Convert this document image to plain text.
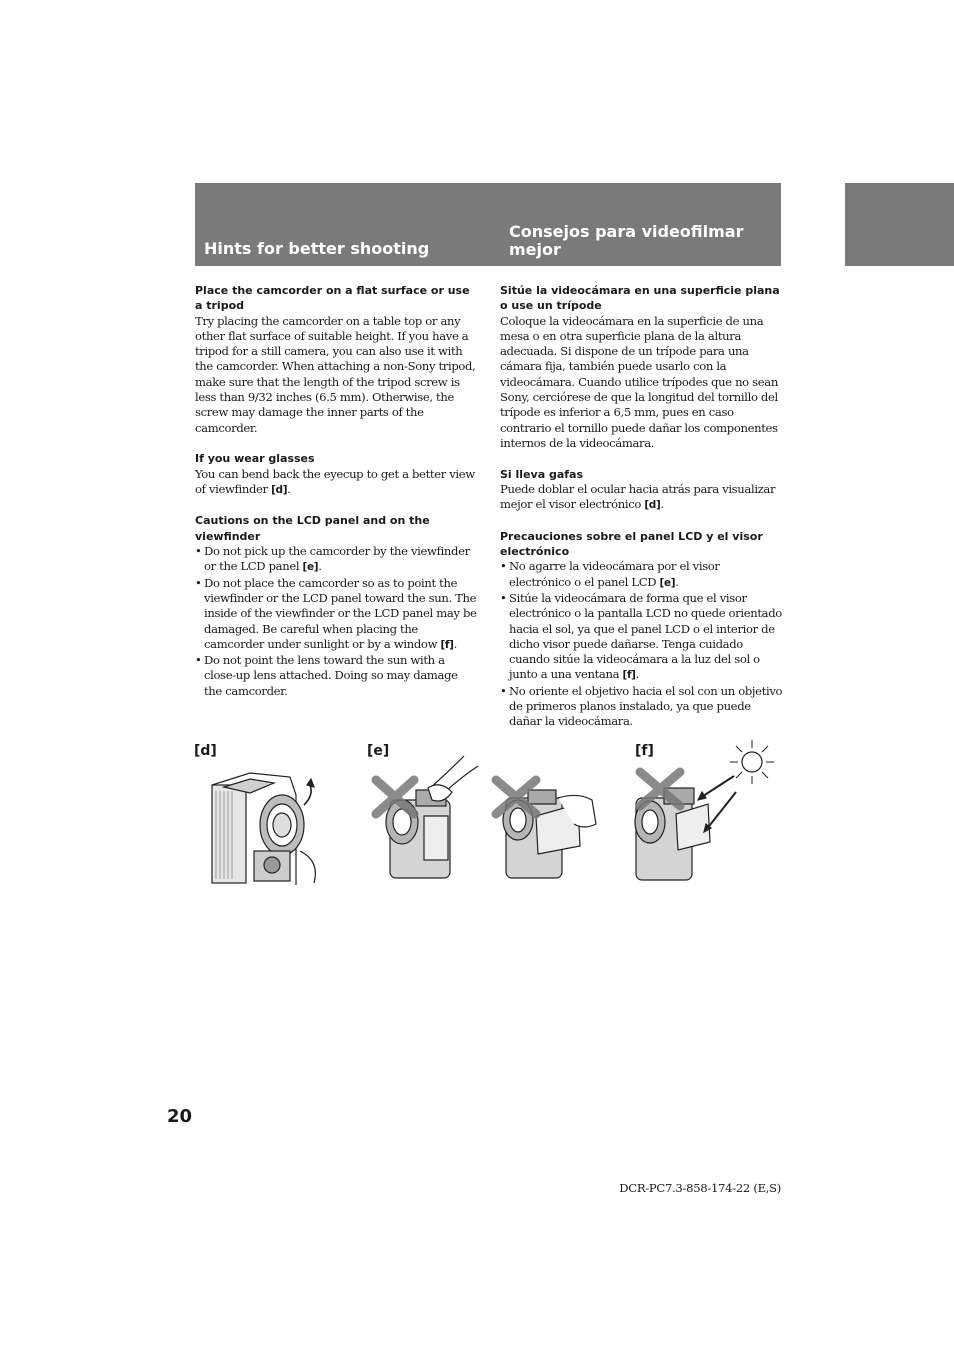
Hints for better shooting
Consejos para videofilmar mejor

Place the camcorder on a flat surface or use a tripod

Try placing the camcorder on a table top or any other flat surface of suitable height. If you have a tripod for a still camera, you can also use it with the camcorder. When attaching a non-Sony tripod, make sure that the length of the tripod screw is less than 9/32 inches (6.5 mm). Otherwise, the screw may damage the inner parts of the camcorder.

If you wear glasses

You can bend back the eyecup to get a better view of viewfinder [d].

Cautions on the LCD panel and on the viewfinder

• Do not pick up the camcorder by the viewfinder or the LCD panel [e].
• Do not place the camcorder so as to point the viewfinder or the LCD panel toward the sun. The inside of the viewfinder or the LCD panel may be damaged. Be careful when placing the camcorder under sunlight or by a window [f].
• Do not point the lens toward the sun with a close-up lens attached. Doing so may damage the camcorder.

Sitúe la videocámara en una superficie plana o use un trípode

Coloque la videocámara en la superficie de una mesa o en otra superficie plana de la altura adecuada. Si dispone de un trípode para una cámara fija, también puede usarlo con la videocámara. Cuando utilice trípodes que no sean Sony, cerciórese de que la longitud del tornillo del trípode es inferior a 6,5 mm, pues en caso contrario el tornillo puede dañar los componentes internos de la videocámara.

Si lleva gafas

Puede doblar el ocular hacia atrás para visualizar mejor el visor electrónico [d].

Precauciones sobre el panel LCD y el visor electrónico

• No agarre la videocámara por el visor electrónico o el panel LCD [e].
• Sitúe la videocámara de forma que el visor electrónico o la pantalla LCD no quede orientado hacia el sol, ya que el panel LCD o el interior de dicho visor puede dañarse. Tenga cuidado cuando sitúe la videocámara a la luz del sol o junto a una ventana [f].
• No oriente el objetivo hacia el sol con un objetivo de primeros planos instalado, ya que puede dañar la videocámara.
[d]	[e]	[f]
20
DCR-PC7.3-858-174-22 (E,S)
